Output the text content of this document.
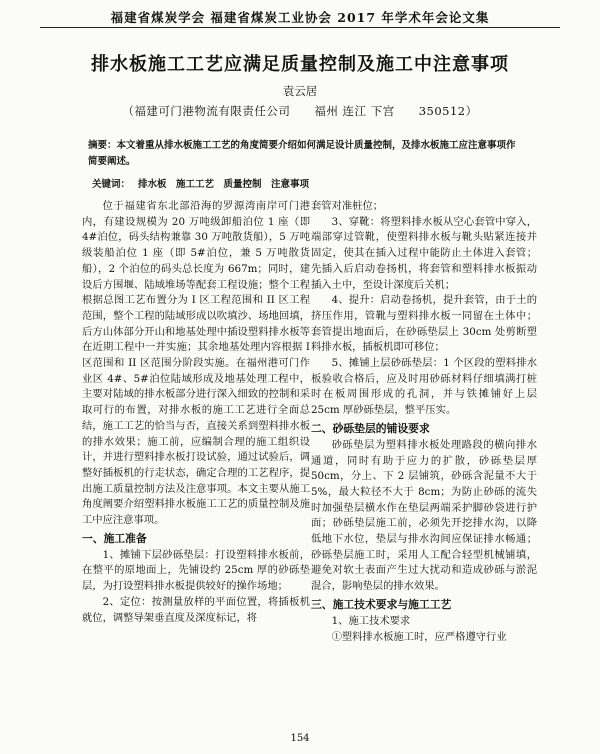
福建省煤炭学会 福建省煤炭工业协会 2017 年学术年会论文集
排水板施工工艺应满足质量控制及施工中注意事项
袁云居
（福建可门港物流有限责任公司　　福州 连江 下宫　　350512）
摘要：本文着重从排水板施工工艺的角度简要介绍如何满足设计质量控制，及排水板施工应注意事项作简要阐述。
关键词： 排水板　施工工艺　质量控制　注意事项

位于福建省东北部沿海的罗源湾南岸可门港内，有建设规模为 20 万吨级卸船泊位 1 座（即 4#泊位，码头结构兼靠 30 万吨散货船），5 万吨级装船泊位 1 座（即 5#泊位，兼 5 万吨散货船），2 个泊位的码头总长度为 667m；同时，建设后方围堰、陆域堆场等配套工程设施；整个工程根据总图工艺布置分为 I 区工程范围和 II 区工程范围，整个工程的陆域形成以吹填沙、场地回填，后方山体部分开山和地基处理中插设塑料排水板等在近期工程中一并实施；其余地基处理内容根据 I 区范围和 II 区范围分阶段实施。在福州港可门作业区 4#、5#泊位陆域形成及地基处理工程中，主要对陆域的排水板部分进行深入细致的控制和采取可行的布置，对排水板的施工工艺进行全面总结，施工工艺的恰当与否，直接关系到塑料排水板的排水效果；施工前，应编制合理的施工组织设计，并进行塑料排水板打设试验，通过试验后，调整好插板机的行走状态，确定合理的工艺程序，提出施工质量控制方法及注意事项。本文主要从施工角度阐要介绍塑料排水板施工工艺的质量控制及施工中应注意事项。

一、施工准备

1、摊铺下层砂砾垫层：打设塑料排水板前，在整平的原地面上，先铺设约 25cm 厚的砂砾垫层，为打设塑料排水板提供较好的操作场地；

2、定位：按测量放样的平面位置，将插板机就位，调整导架垂直度及深度标记，将

套管对准桩位；

3、穿靴：将塑料排水板从空心套管中穿入，端部穿过管靴，使塑料排水板与靴头贴紧连接并固定，使其在插入过程中能防止土体进入套管；先插入后启动卷扬机，将套管和塑料排水板振动插入土中，至设计深度后关机；

4、提升：启动卷扬机，提升套管，由于土的挤压作用，管靴与塑料排水板一同留在土体中；套管提出地面后，在砂砾垫层上 30cm 处剪断塑料排水板，插板机即可移位；

5、摊铺上层砂砾垫层：1 个区段的塑料排水板验收合格后，应及时用砂砾材料仔细填满打桩时在板周围形成的孔洞，并与铁摊铺好上层 25cm 厚砂砾垫层，整平压实。

二、砂砾垫层的铺设要求

砂砾垫层为塑料排水板处理路段的横向排水通道，同时有助于应力的扩散，砂砾垫层厚 50cm，分上、下 2 层铺筑，砂砾含泥量不大于 5%，最大粒径不大于 8cm；为防止砂砾的流失时加强垫层横水作在垫层两端采护脚砂袋进行护面；砂砾垫层施工前，必须先开挖排水沟，以降低地下水位，垫层与排水沟间应保证排水畅通；砂砾垫层施工时，采用人工配合轻型机械铺填，避免对软土表面产生过大扰动和造成砂砾与淤泥混合，影响垫层的排水效果。

三、施工技术要求与施工工艺

1、施工技术要求

①塑料排水板施工时，应严格遵守行业

154
